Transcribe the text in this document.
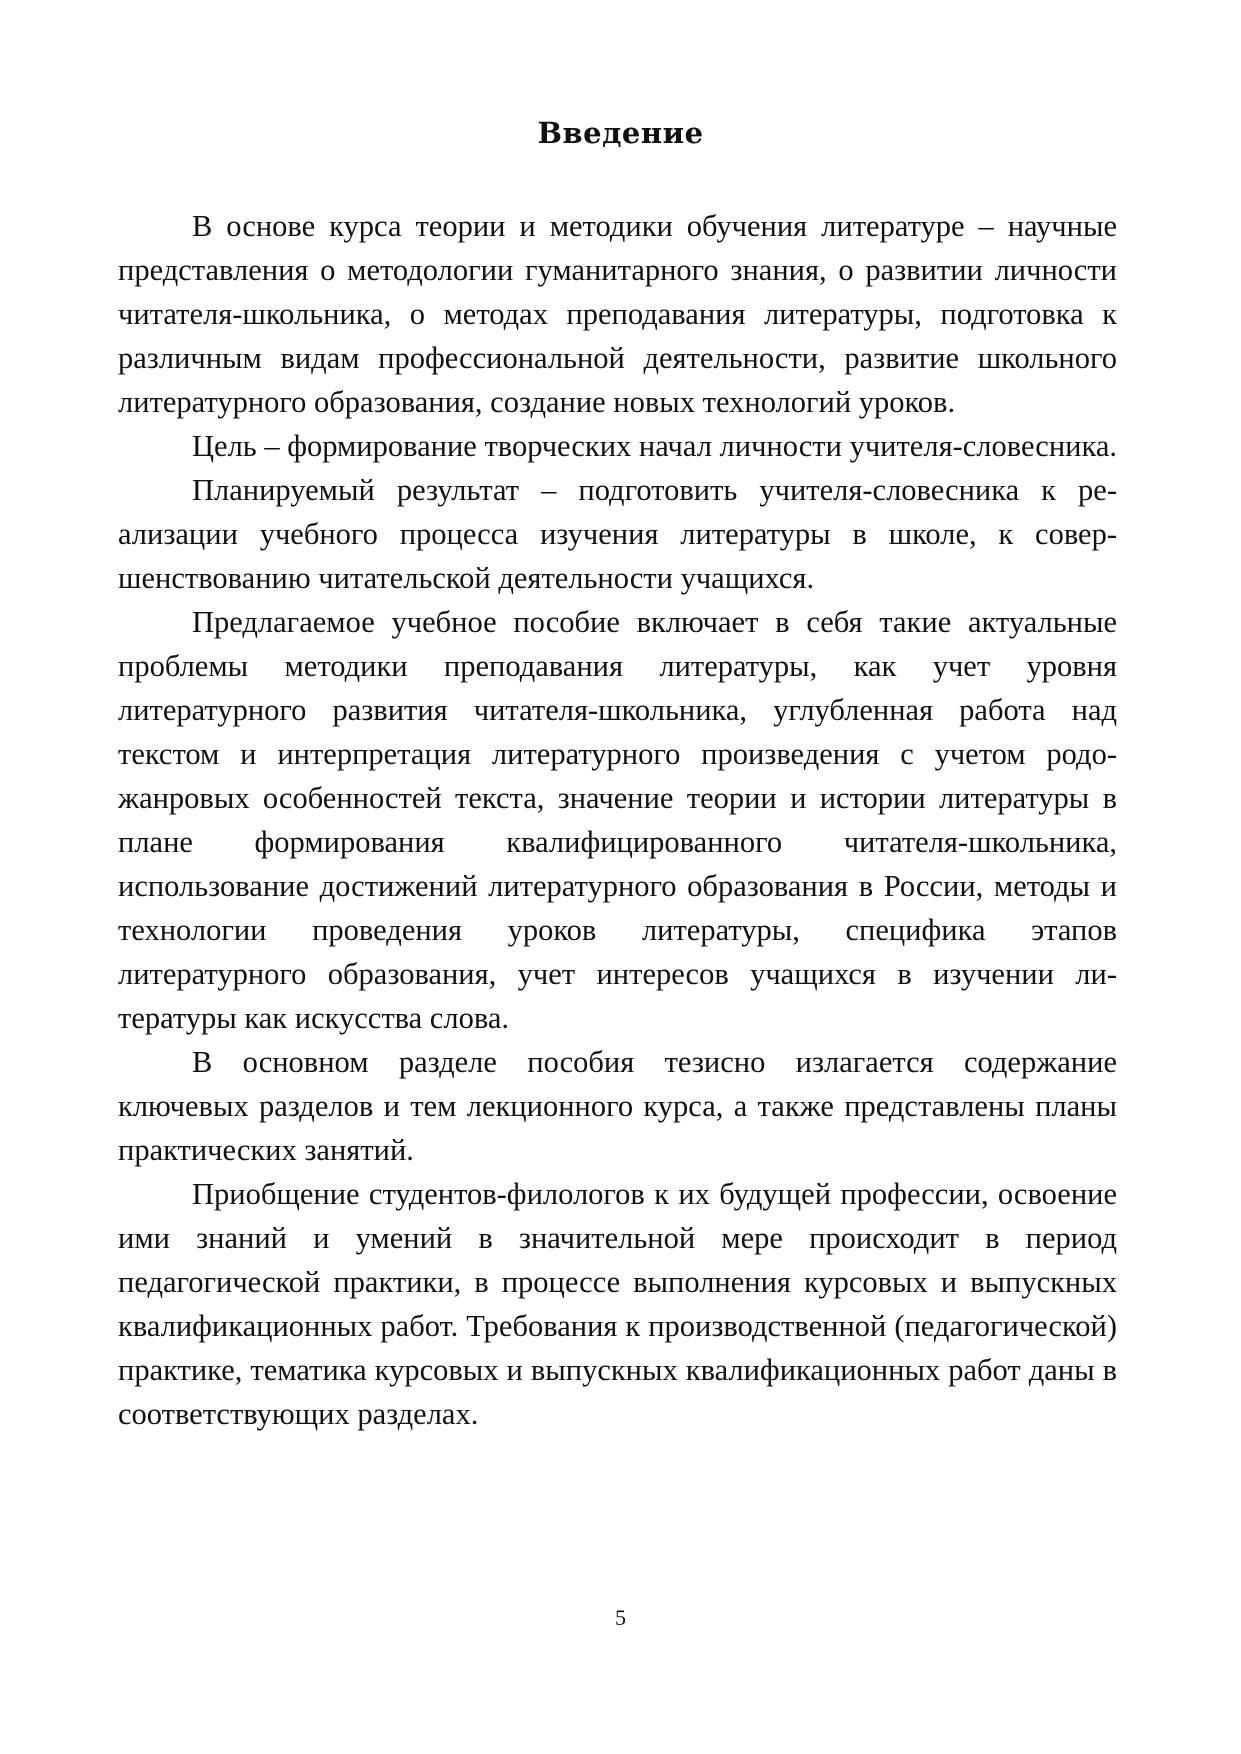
Введение

В основе курса теории и методики обучения литературе – научные представления о методологии гуманитарного знания, о развитии личности читателя-школьника, о методах преподавания литературы, подготовка к различным видам профессиональной деятельности, развитие школьного литературного образования, создание новых технологий уроков.

Цель – формирование творческих начал личности учителя-словесника.

Планируемый результат – подготовить учителя-словесника к реализации учебного процесса изучения литературы в школе, к совершенствованию читательской деятельности учащихся.

Предлагаемое учебное пособие включает в себя такие актуальные проблемы методики преподавания литературы, как учет уровня литературного развития читателя-школьника, углубленная работа над текстом и интерпретация литературного произведения с учетом родожанровых особенностей текста, значение теории и истории литературы в плане формирования квалифицированного читателя-школьника, использование достижений литературного образования в России, методы и технологии проведения уроков литературы, специфика этапов литературного образования, учет интересов учащихся в изучении литературы как искусства слова.

В основном разделе пособия тезисно излагается содержание ключевых разделов и тем лекционного курса, а также представлены планы практических занятий.

Приобщение студентов-филологов к их будущей профессии, освоение ими знаний и умений в значительной мере происходит в период педагогической практики, в процессе выполнения курсовых и выпускных квалификационных работ. Требования к производственной (педагогической) практике, тематика курсовых и выпускных квалификационных работ даны в соответствующих разделах.

5
